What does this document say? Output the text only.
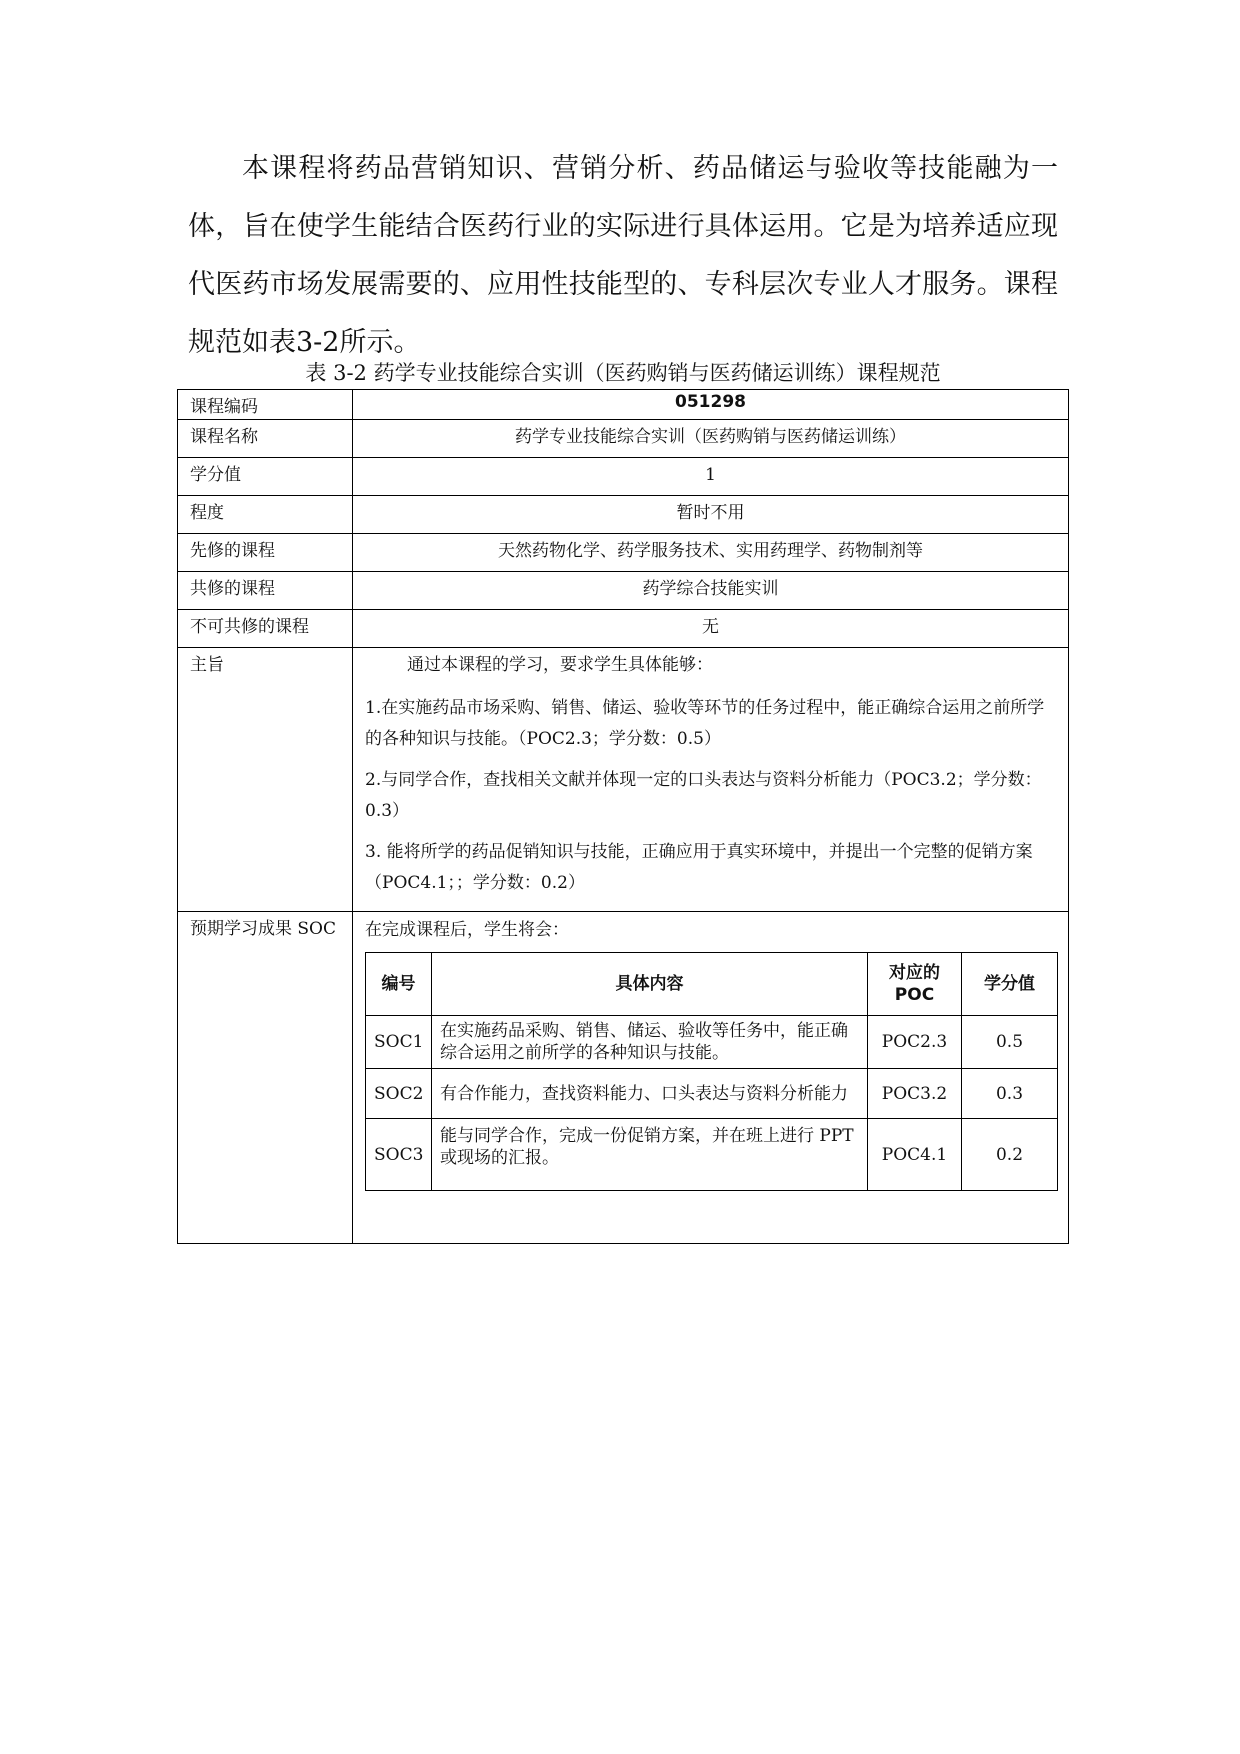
本课程将药品营销知识、营销分析、药品储运与验收等技能融为一体，旨在使学生能结合医药行业的实际进行具体运用。它是为培养适应现代医药市场发展需要的、应用性技能型的、专科层次专业人才服务。课程规范如表3-2所示。

表 3-2 药学专业技能综合实训（医药购销与医药储运训练）课程规范
课程编码	051298
课程名称	药学专业技能综合实训（医药购销与医药储运训练）
学分值	1
程度	暂时不用
先修的课程	天然药物化学、药学服务技术、实用药理学、药物制剂等
共修的课程	药学综合技能实训
不可共修的课程	无
主旨	通过本课程的学习，要求学生具体能够：

1.在实施药品市场采购、销售、储运、验收等环节的任务过程中，能正确综合运用之前所学的各种知识与技能。（POC2.3；学分数：0.5）

2.与同学合作，查找相关文献并体现一定的口头表达与资料分析能力（POC3.2；学分数：0.3）

3. 能将所学的药品促销知识与技能，正确应用于真实环境中，并提出一个完整的促销方案（POC4.1；；学分数：0.2）

预期学习成果 SOC	在完成课程后，学生将会：
编号	具体内容	对应的POC	学分值
SOC1	在实施药品采购、销售、储运、验收等任务中，能正确综合运用之前所学的各种知识与技能。	POC2.3	0.5
SOC2	有合作能力，查找资料能力、口头表达与资料分析能力	POC3.2	0.3
SOC3	能与同学合作，完成一份促销方案，并在班上进行 PPT 或现场的汇报。	POC4.1	0.2
